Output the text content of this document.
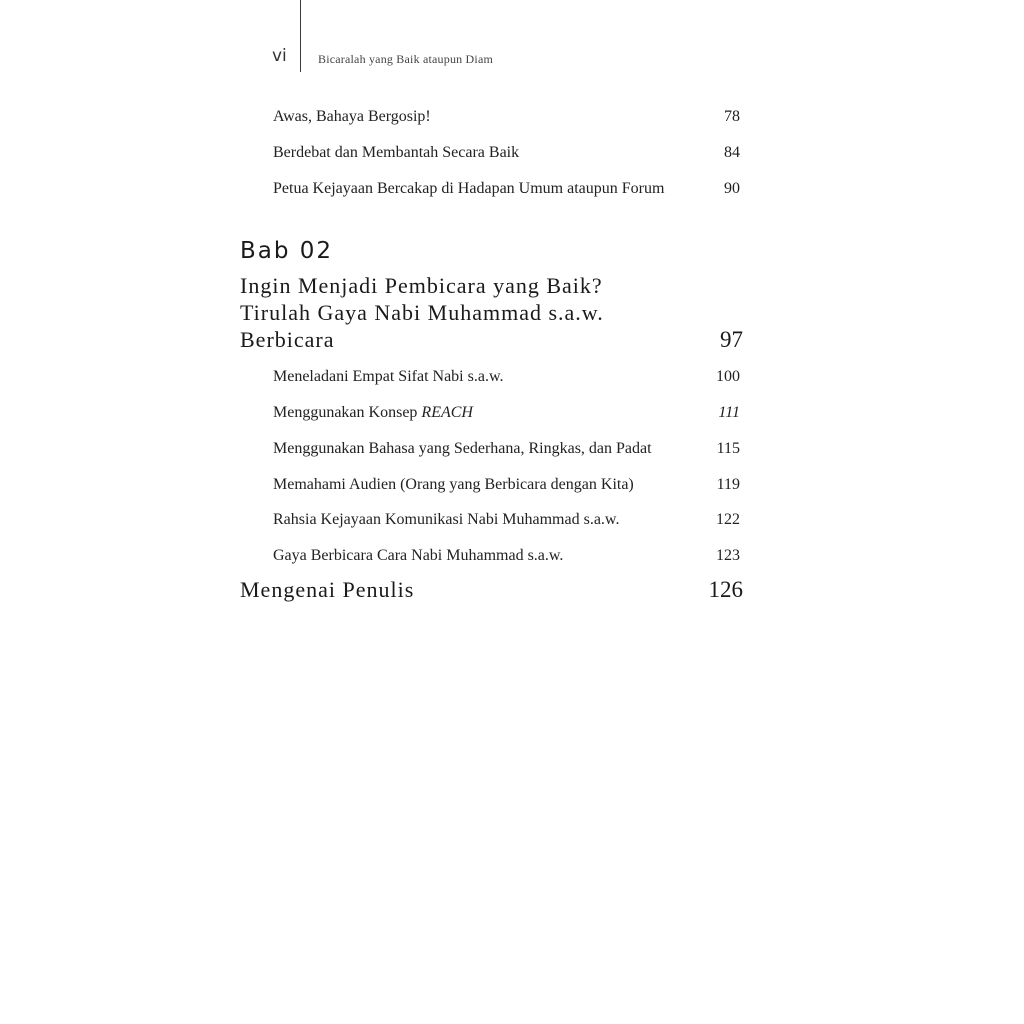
vi	Bicaralah yang Baik ataupun Diam
Awas, Bahaya Bergosip!	78
Berdebat dan Membantah Secara Baik	84
Petua Kejayaan Bercakap di Hadapan Umum ataupun Forum	90
Bab 02
Ingin Menjadi Pembicara yang Baik?
Tirulah Gaya Nabi Muhammad s.a.w.
Berbicara	97
Meneladani Empat Sifat Nabi s.a.w.	100
Menggunakan Konsep REACH	111
Menggunakan Bahasa yang Sederhana, Ringkas, dan Padat	115
Memahami Audien (Orang yang Berbicara dengan Kita)	119
Rahsia Kejayaan Komunikasi Nabi Muhammad s.a.w.	122
Gaya Berbicara Cara Nabi Muhammad s.a.w.	123
Mengenai Penulis	126
